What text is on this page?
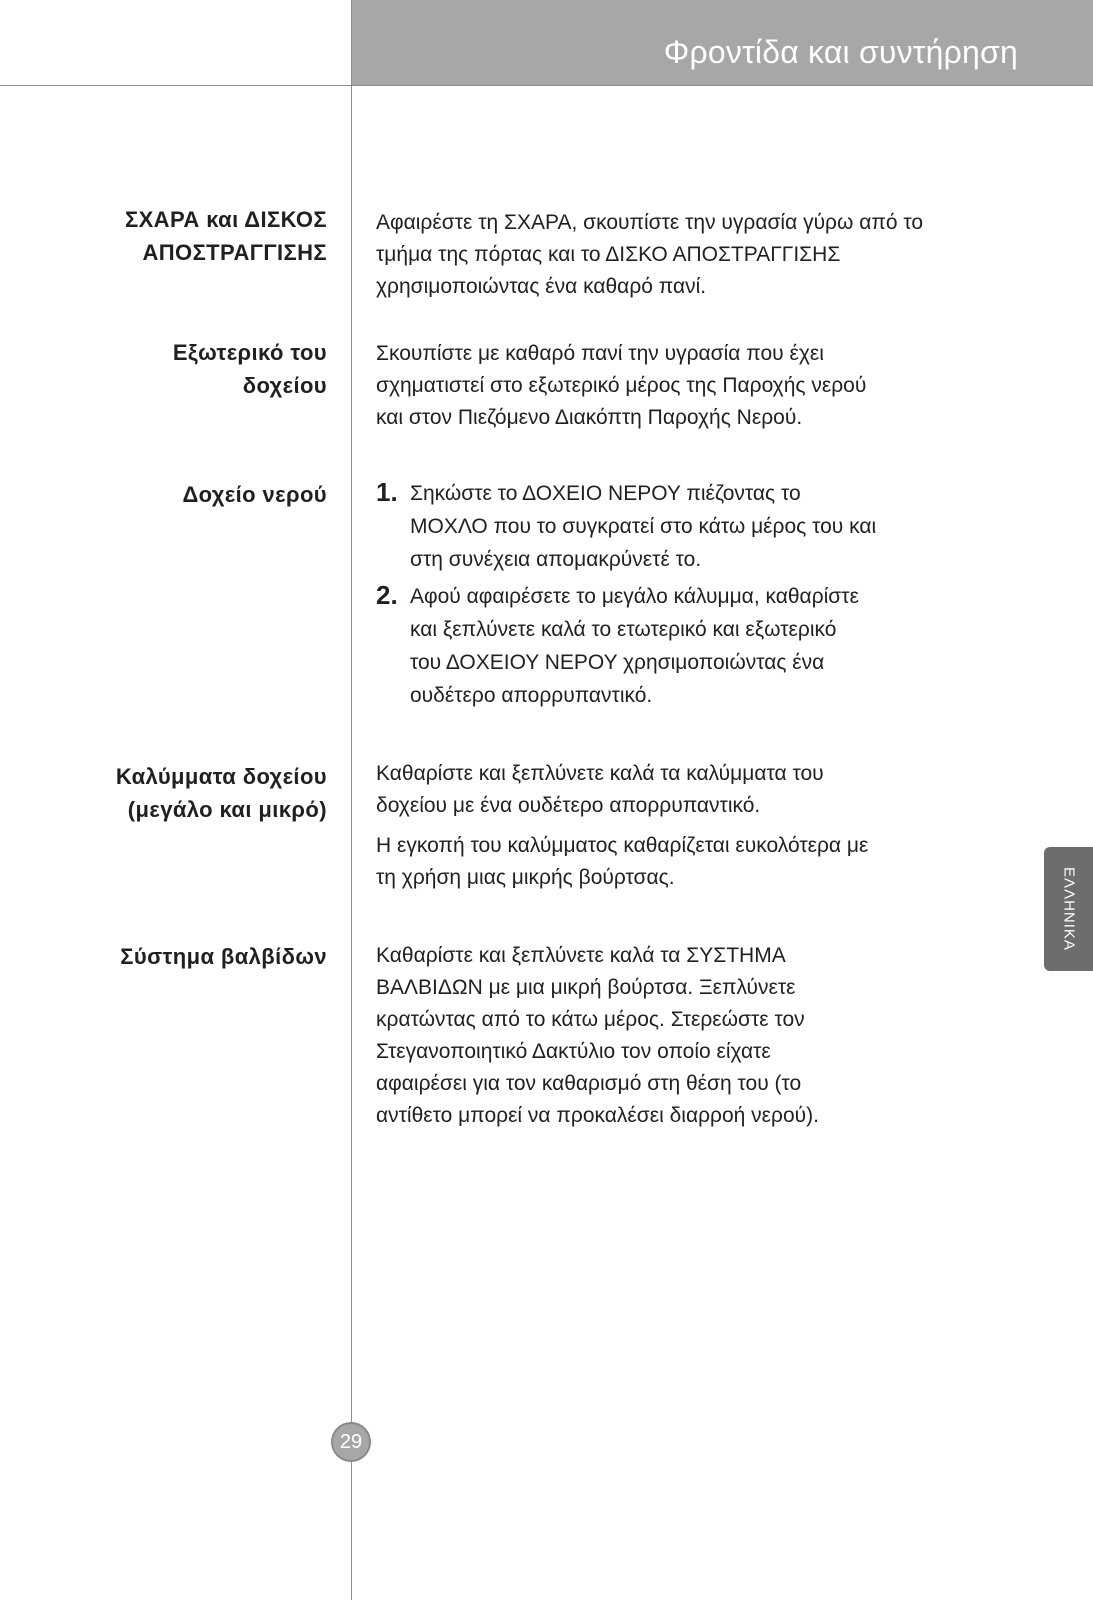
Φροντίδα και συντήρηση
ΣΧΑΡΑ και ΔΙΣΚΟΣ
ΑΠΟΣΤΡΑΓΓΙΣΗΣ
Αφαιρέστε τη ΣΧΑΡΑ, σκουπίστε την υγρασία γύρω από το
τμήμα της πόρτας και το ΔΙΣΚΟ ΑΠΟΣΤΡΑΓΓΙΣΗΣ
χρησιμοποιώντας ένα καθαρό πανί.
Εξωτερικό του
δοχείου
Σκουπίστε με καθαρό πανί την υγρασία που έχει
σχηματιστεί στο εξωτερικό μέρος της Παροχής νερού
και στον Πιεζόμενο Διακόπτη Παροχής Νερού.
Δοχείο νερού 1. Σηκώστε το ΔΟΧΕΙΟ ΝΕΡΟΥ πιέζοντας το
ΜΟΧΛΟ που το συγκρατεί στο κάτω μέρος του και
στη συνέχεια απομακρύνετέ το.
2. Αφού αφαιρέσετε το μεγάλο κάλυμμα, καθαρίστε
και ξεπλύνετε καλά το ετωτερικό και εξωτερικό
του ΔΟΧΕΙΟΥ ΝΕΡΟΥ χρησιμοποιώντας ένα
ουδέτερο απορρυπαντικό.
Καλύμματα δοχείου
(μεγάλο και μικρό)
Καθαρίστε και ξεπλύνετε καλά τα καλύμματα του
δοχείου με ένα ουδέτερο απορρυπαντικό.
Η εγκοπή του καλύμματος καθαρίζεται ευκολότερα με
τη χρήση μιας μικρής βούρτσας.
Σύστημα βαλβίδων Καθαρίστε και ξεπλύνετε καλά τα ΣΥΣΤΗΜΑ
ΒΑΛΒΙΔΩΝ με μια μικρή βούρτσα. Ξεπλύνετε
κρατώντας από το κάτω μέρος. Στερεώστε τον
Στεγανοποιητικό Δακτύλιο τον οποίο είχατε
αφαιρέσει για τον καθαρισμό στη θέση του (το
αντίθετο μπορεί να προκαλέσει διαρροή νερού).
ΕΛΛΗΝΙΚΑ
29
